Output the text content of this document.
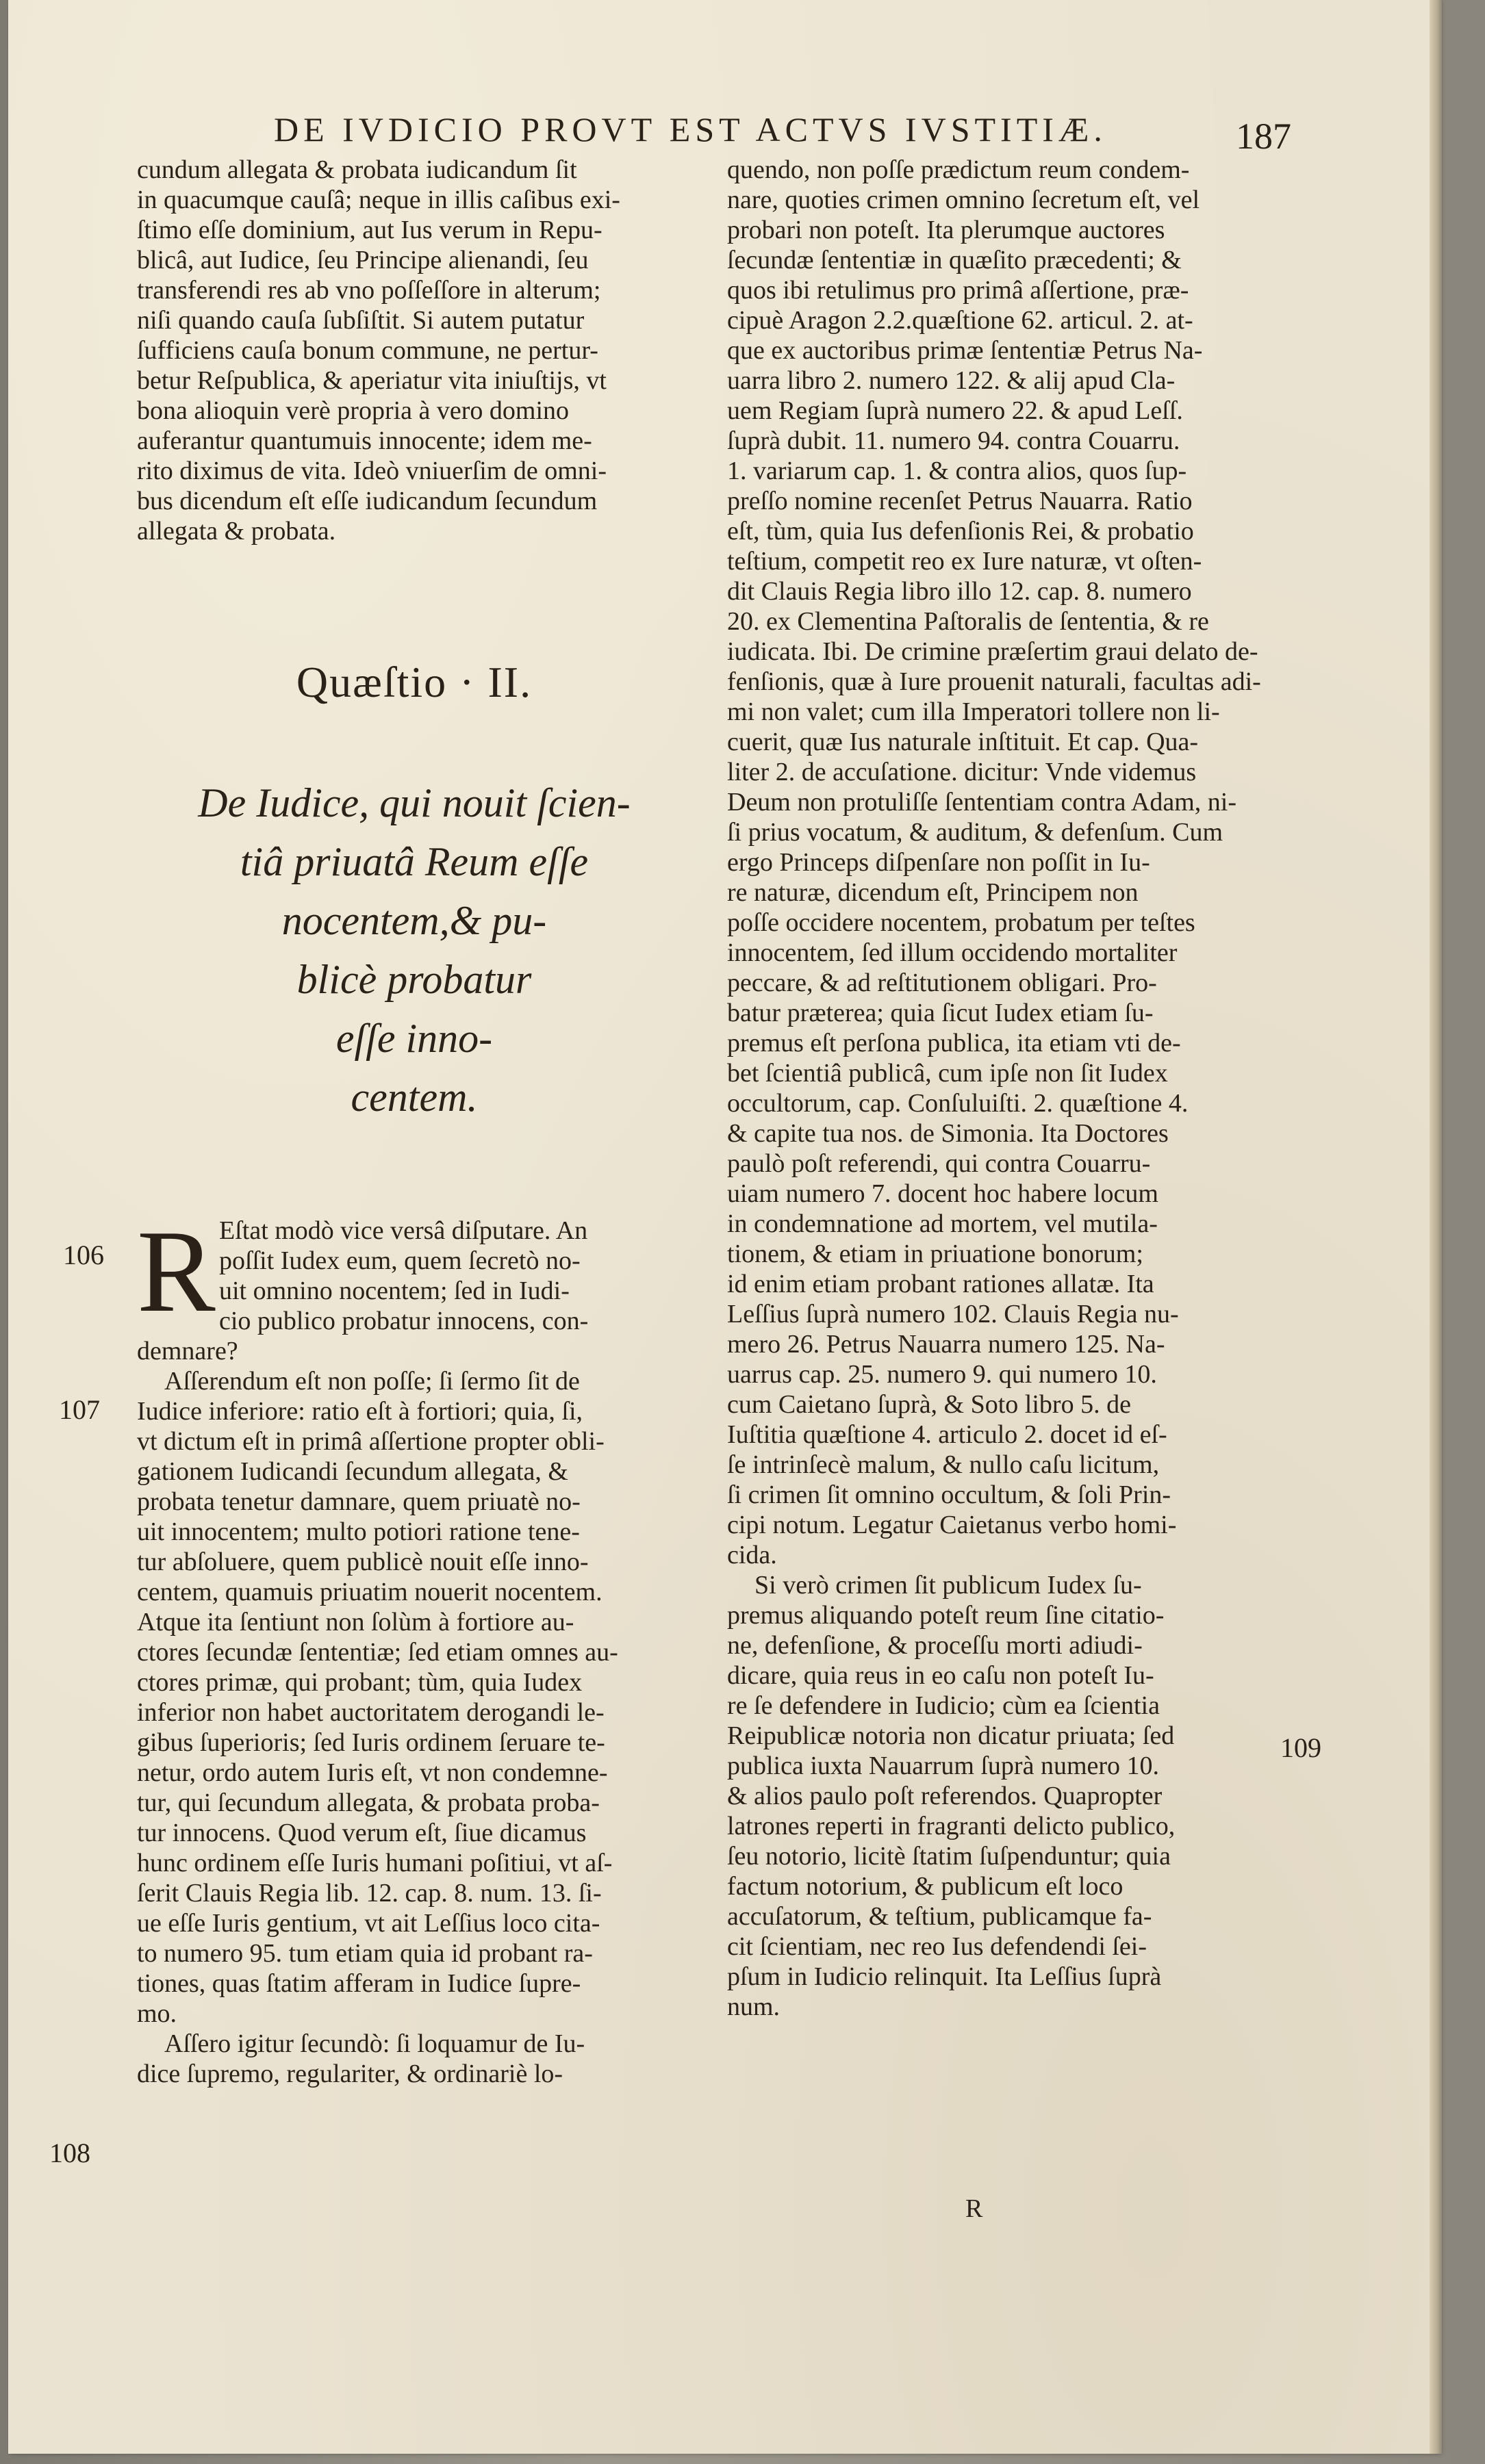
DE IVDICIO PROVT EST ACTVS IVSTITIÆ.	187
cundum allegata & probata iudicandum ſit
in quacumque cauſâ; neque in illis caſibus exi-
ſtimo eſſe dominium, aut Ius verum in Repu-
blicâ, aut Iudice, ſeu Principe alienandi, ſeu
transferendi res ab vno poſſeſſore in alterum;
niſi quando cauſa ſubſiſtit. Si autem putatur
ſufficiens cauſa bonum commune, ne pertur-
betur Reſpublica, & aperiatur vita iniuſtijs, vt
bona alioquin verè propria à vero domino
auferantur quantumuis innocente; idem me-
rito diximus de vita. Ideò vniuerſim de omni-
bus dicendum eſt eſſe iudicandum ſecundum
allegata & probata.
Quæſtio · II.
De Iudice, qui nouit ſcien-
tiâ priuatâ Reum eſſe
nocentem,& pu-
blicè probatur
eſſe inno-
centem.
R Eſtat modò vice versâ diſputare. An
poſſit Iudex eum, quem ſecretò no-
uit omnino nocentem; ſed in Iudi-
cio publico probatur innocens, con-
demnare?
Aſſerendum eſt non poſſe; ſi ſermo ſit de
Iudice inferiore: ratio eſt à fortiori; quia, ſi,
vt dictum eſt in primâ aſſertione propter obli-
gationem Iudicandi ſecundum allegata, &
probata tenetur damnare, quem priuatè no-
uit innocentem; multo potiori ratione tene-
tur abſoluere, quem publicè nouit eſſe inno-
centem, quamuis priuatim nouerit nocentem.
Atque ita ſentiunt non ſolùm à fortiore au-
ctores ſecundæ ſententiæ; ſed etiam omnes au-
ctores primæ, qui probant; tùm, quia Iudex
inferior non habet auctoritatem derogandi le-
gibus ſuperioris; ſed Iuris ordinem ſeruare te-
netur, ordo autem Iuris eſt, vt non condemne-
tur, qui ſecundum allegata, & probata proba-
tur innocens. Quod verum eſt, ſiue dicamus
hunc ordinem eſſe Iuris humani poſitiui, vt aſ-
ſerit Clauis Regia lib. 12. cap. 8. num. 13. ſi-
ue eſſe Iuris gentium, vt ait Leſſius loco cita-
to numero 95. tum etiam quia id probant ra-
tiones, quas ſtatim afferam in Iudice ſupre-
mo.
Aſſero igitur ſecundò: ſi loquamur de Iu-
dice ſupremo, regulariter, & ordinariè lo-
quendo, non poſſe prædictum reum condem-
nare, quoties crimen omnino ſecretum eſt, vel
probari non poteſt. Ita plerumque auctores
ſecundæ ſententiæ in quæſito præcedenti; &
quos ibi retulimus pro primâ aſſertione, præ-
cipuè Aragon 2.2.quæſtione 62. articul. 2. at-
que ex auctoribus primæ ſententiæ Petrus Na-
uarra libro 2. numero 122. & alij apud Cla-
uem Regiam ſuprà numero 22. & apud Leſſ.
ſuprà dubit. 11. numero 94. contra Couarru.
1. variarum cap. 1. & contra alios, quos ſup-
preſſo nomine recenſet Petrus Nauarra. Ratio
eſt, tùm, quia Ius defenſionis Rei, & probatio
teſtium, competit reo ex Iure naturæ, vt oſten-
dit Clauis Regia libro illo 12. cap. 8. numero
20. ex Clementina Paſtoralis de ſententia, & re
iudicata. Ibi. De crimine præſertim graui delato de-
fenſionis, quæ à Iure prouenit naturali, facultas adi-
mi non valet; cum illa Imperatori tollere non li-
cuerit, quæ Ius naturale inſtituit. Et cap. Qua-
liter 2. de accuſatione. dicitur: Vnde videmus
Deum non protuliſſe ſententiam contra Adam, ni-
ſi prius vocatum, & auditum, & defenſum. Cum
ergo Princeps diſpenſare non poſſit in Iu-
re naturæ, dicendum eſt, Principem non
poſſe occidere nocentem, probatum per teſtes
innocentem, ſed illum occidendo mortaliter
peccare, & ad reſtitutionem obligari. Pro-
batur præterea; quia ſicut Iudex etiam ſu-
premus eſt perſona publica, ita etiam vti de-
bet ſcientiâ publicâ, cum ipſe non ſit Iudex
occultorum, cap. Conſuluiſti. 2. quæſtione 4.
& capite tua nos. de Simonia. Ita Doctores
paulò poſt referendi, qui contra Couarru-
uiam numero 7. docent hoc habere locum
in condemnatione ad mortem, vel mutila-
tionem, & etiam in priuatione bonorum;
id enim etiam probant rationes allatæ. Ita
Leſſius ſuprà numero 102. Clauis Regia nu-
mero 26. Petrus Nauarra numero 125. Na-
uarrus cap. 25. numero 9. qui numero 10.
cum Caietano ſuprà, & Soto libro 5. de
Iuſtitia quæſtione 4. articulo 2. docet id eſ-
ſe intrinſecè malum, & nullo caſu licitum,
ſi crimen ſit omnino occultum, & ſoli Prin-
cipi notum. Legatur Caietanus verbo homi-
cida.
Si verò crimen ſit publicum Iudex ſu-
premus aliquando poteſt reum ſine citatio-
ne, defenſione, & proceſſu morti adiudi-
dicare, quia reus in eo caſu non poteſt Iu-
re ſe defendere in Iudicio; cùm ea ſcientia
Reipublicæ notoria non dicatur priuata; ſed
publica iuxta Nauarrum ſuprà numero 10.
& alios paulo poſt referendos. Quapropter
latrones reperti in fragranti delicto publico,
ſeu notorio, licitè ſtatim ſuſpenduntur; quia
factum notorium, & publicum eſt loco
accuſatorum, & teſtium, publicamque fa-
cit ſcientiam, nec reo Ius defendendi ſei-
pſum in Iudicio relinquit. Ita Leſſius ſuprà
num.
106
107
108
109
R
